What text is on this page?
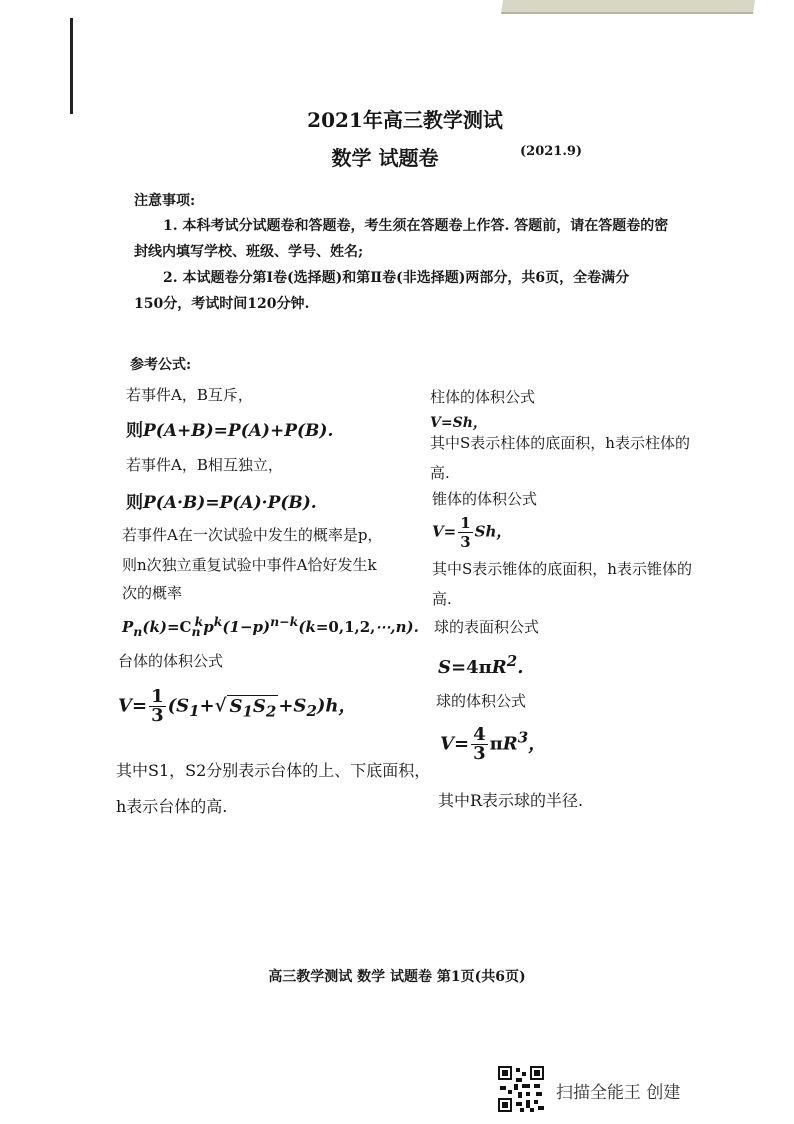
2021年高三教学测试
数学 试题卷	(2021.9)
注意事项:
1. 本科考试分试题卷和答题卷，考生须在答题卷上作答. 答题前，请在答题卷的密
封线内填写学校、班级、学号、姓名;
2. 本试题卷分第Ⅰ卷(选择题)和第Ⅱ卷(非选择题)两部分，共6页，全卷满分
150分，考试时间120分钟.
参考公式:
若事件A，B互斥，
则P(A+B)=P(A)+P(B).
若事件A，B相互独立，
则P(A·B)=P(A)·P(B).
若事件A在一次试验中发生的概率是p，
则n次独立重复试验中事件A恰好发生k
次的概率
$P_n(k)=C_n^kp^k(1-p)^{n-k}(k=0,1,2,\cdots,n)$.
台体的体积公式
$V= \frac{1}{3} (S_1+√$ $S_1S_2 +S_2)h$，
其中S1，S2分别表示台体的上、下底面积，
h表示台体的高.
柱体的体积公式
V=Sh，
其中S表示柱体的底面积，h表示柱体的
高.
锥体的体积公式
$V= \frac{1}{3}$ Sh，
其中S表示锥体的底面积，h表示锥体的
高.
球的表面积公式
$S=4\pi R^2$.
球的体积公式
$V= \frac{4}{3} \pi R^3$，
其中R表示球的半径.
高三教学测试 数学 试题卷 第1页(共6页)
扫描全能王 创建
